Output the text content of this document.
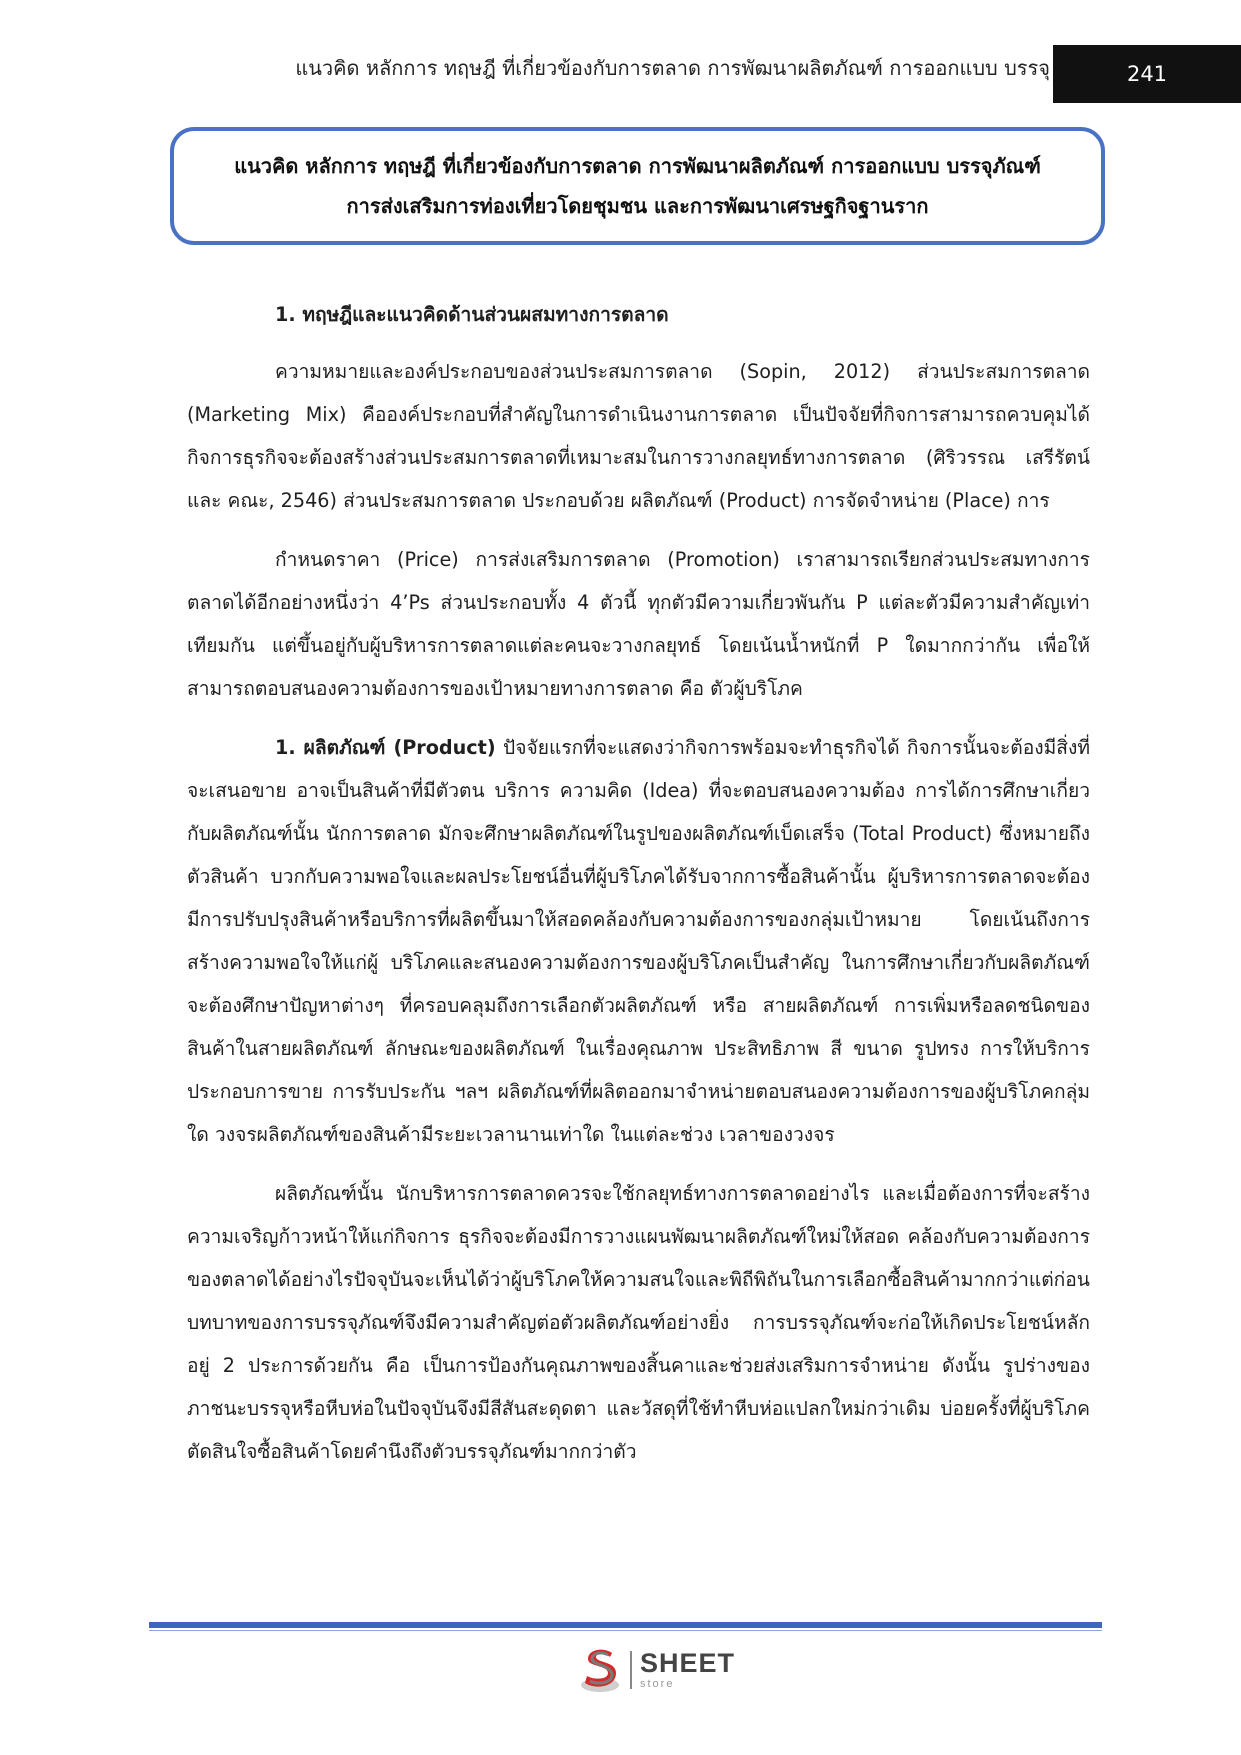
แนวคิด หลักการ ทฤษฎี ที่เกี่ยวข้องกับการตลาด การพัฒนาผลิตภัณฑ์ การออกแบบ บรรจุ	241
แนวคิด หลักการ ทฤษฎี ที่เกี่ยวข้องกับการตลาด การพัฒนาผลิตภัณฑ์ การออกแบบ บรรจุภัณฑ์
การส่งเสริมการท่องเที่ยวโดยชุมชน และการพัฒนาเศรษฐกิจฐานราก
1. ทฤษฎีและแนวคิดด้านส่วนผสมทางการตลาด

ความหมายและองค์ประกอบของส่วนประสมการตลาด (Sopin, 2012) ส่วนประสมการตลาด (Marketing Mix) คือองค์ประกอบที่สำคัญในการดำเนินงานการตลาด เป็นปัจจัยที่กิจการสามารถควบคุมได้ กิจการธุรกิจจะต้องสร้างส่วนประสมการตลาดที่เหมาะสมในการวางกลยุทธ์ทางการตลาด (ศิริวรรณ เสรีรัตน์ และ คณะ, 2546) ส่วนประสมการตลาด ประกอบด้วย ผลิตภัณฑ์ (Product) การจัดจำหน่าย (Place) การ

กำหนดราคา (Price) การส่งเสริมการตลาด (Promotion) เราสามารถเรียกส่วนประสมทางการตลาดได้อีกอย่างหนึ่งว่า 4’Ps ส่วนประกอบทั้ง 4 ตัวนี้ ทุกตัวมีความเกี่ยวพันกัน P แต่ละตัวมีความสำคัญเท่าเทียมกัน แต่ขึ้นอยู่กับผู้บริหารการตลาดแต่ละคนจะวางกลยุทธ์ โดยเน้นน้ำหนักที่ P ใดมากกว่ากัน เพื่อให้สามารถตอบสนองความต้องการของเป้าหมายทางการตลาด คือ ตัวผู้บริโภค

1. ผลิตภัณฑ์ (Product) ปัจจัยแรกที่จะแสดงว่ากิจการพร้อมจะทำธุรกิจได้ กิจการนั้นจะต้องมีสิ่งที่จะเสนอขาย อาจเป็นสินค้าที่มีตัวตน บริการ ความคิด (Idea) ที่จะตอบสนองความต้อง การได้การศึกษาเกี่ยวกับผลิตภัณฑ์นั้น นักการตลาด มักจะศึกษาผลิตภัณฑ์ในรูปของผลิตภัณฑ์เบ็ดเสร็จ (Total Product) ซึ่งหมายถึง ตัวสินค้า บวกกับความพอใจและผลประโยชน์อื่นที่ผู้บริโภคได้รับจากการซื้อสินค้านั้น ผู้บริหารการตลาดจะต้องมีการปรับปรุงสินค้าหรือบริการที่ผลิตขึ้นมาให้สอดคล้องกับความต้องการของกลุ่มเป้าหมาย โดยเน้นถึงการสร้างความพอใจให้แก่ผู้ บริโภคและสนองความต้องการของผู้บริโภคเป็นสำคัญ ในการศึกษาเกี่ยวกับผลิตภัณฑ์ จะต้องศึกษาปัญหาต่างๆ ที่ครอบคลุมถึงการเลือกตัวผลิตภัณฑ์ หรือ สายผลิตภัณฑ์ การเพิ่มหรือลดชนิดของสินค้าในสายผลิตภัณฑ์ ลักษณะของผลิตภัณฑ์ ในเรื่องคุณภาพ ประสิทธิภาพ สี ขนาด รูปทรง การให้บริการประกอบการขาย การรับประกัน ฯลฯ ผลิตภัณฑ์ที่ผลิตออกมาจำหน่ายตอบสนองความต้องการของผู้บริโภคกลุ่มใด วงจรผลิตภัณฑ์ของสินค้ามีระยะเวลานานเท่าใด ในแต่ละช่วง เวลาของวงจร

ผลิตภัณฑ์นั้น นักบริหารการตลาดควรจะใช้กลยุทธ์ทางการตลาดอย่างไร และเมื่อต้องการที่จะสร้างความเจริญก้าวหน้าให้แก่กิจการ ธุรกิจจะต้องมีการวางแผนพัฒนาผลิตภัณฑ์ใหม่ให้สอด คล้องกับความต้องการของตลาดได้อย่างไรปัจจุบันจะเห็นได้ว่าผู้บริโภคให้ความสนใจและพิถีพิถันในการเลือกซื้อสินค้ามากกว่าแต่ก่อน บทบาทของการบรรจุภัณฑ์จึงมีความสำคัญต่อตัวผลิตภัณฑ์อย่างยิ่ง การบรรจุภัณฑ์จะก่อให้เกิดประโยชน์หลักอยู่ 2 ประการด้วยกัน คือ เป็นการป้องกันคุณภาพของสิ้นคาและช่วยส่งเสริมการจำหน่าย ดังนั้น รูปร่างของภาชนะบรรจุหรือหีบห่อในปัจจุบันจึงมีสีสันสะดุดตา และวัสดุที่ใช้ทำหีบห่อแปลกใหม่กว่าเดิม บ่อยครั้งที่ผู้บริโภคตัดสินใจซื้อสินค้าโดยคำนึงถึงตัวบรรจุภัณฑ์มากกว่าตัว

SHEET
store
